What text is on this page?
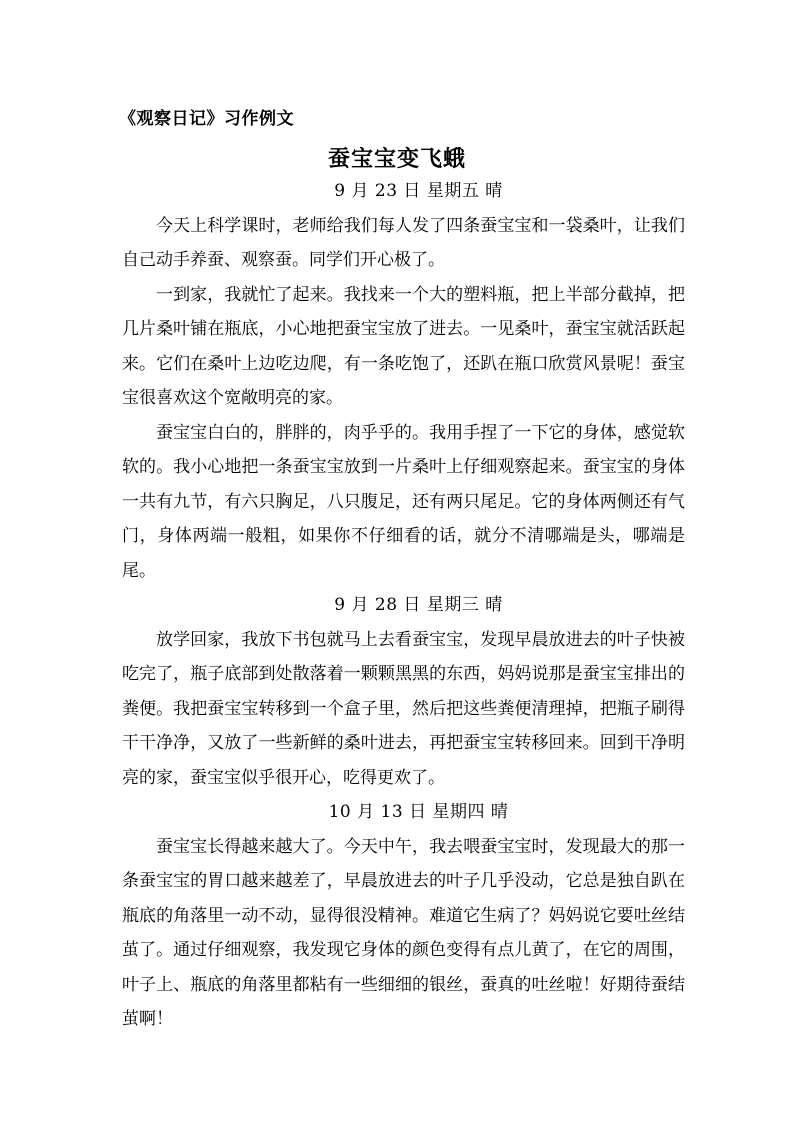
《观察日记》习作例文
蚕宝宝变飞蛾
9 月 23 日 星期五 晴

今天上科学课时，老师给我们每人发了四条蚕宝宝和一袋桑叶，让我们自己动手养蚕、观察蚕。同学们开心极了。

一到家，我就忙了起来。我找来一个大的塑料瓶，把上半部分截掉，把几片桑叶铺在瓶底，小心地把蚕宝宝放了进去。一见桑叶，蚕宝宝就活跃起来。它们在桑叶上边吃边爬，有一条吃饱了，还趴在瓶口欣赏风景呢！蚕宝宝很喜欢这个宽敞明亮的家。

蚕宝宝白白的，胖胖的，肉乎乎的。我用手捏了一下它的身体，感觉软软的。我小心地把一条蚕宝宝放到一片桑叶上仔细观察起来。蚕宝宝的身体一共有九节，有六只胸足，八只腹足，还有两只尾足。它的身体两侧还有气门，身体两端一般粗，如果你不仔细看的话，就分不清哪端是头，哪端是尾。

9 月 28 日 星期三 晴

放学回家，我放下书包就马上去看蚕宝宝，发现早晨放进去的叶子快被吃完了，瓶子底部到处散落着一颗颗黑黑的东西，妈妈说那是蚕宝宝排出的粪便。我把蚕宝宝转移到一个盒子里，然后把这些粪便清理掉，把瓶子刷得干干净净，又放了一些新鲜的桑叶进去，再把蚕宝宝转移回来。回到干净明亮的家，蚕宝宝似乎很开心，吃得更欢了。

10 月 13 日 星期四 晴

蚕宝宝长得越来越大了。今天中午，我去喂蚕宝宝时，发现最大的那一条蚕宝宝的胃口越来越差了，早晨放进去的叶子几乎没动，它总是独自趴在瓶底的角落里一动不动，显得很没精神。难道它生病了？妈妈说它要吐丝结茧了。通过仔细观察，我发现它身体的颜色变得有点儿黄了，在它的周围，叶子上、瓶底的角落里都粘有一些细细的银丝，蚕真的吐丝啦！好期待蚕结茧啊！
